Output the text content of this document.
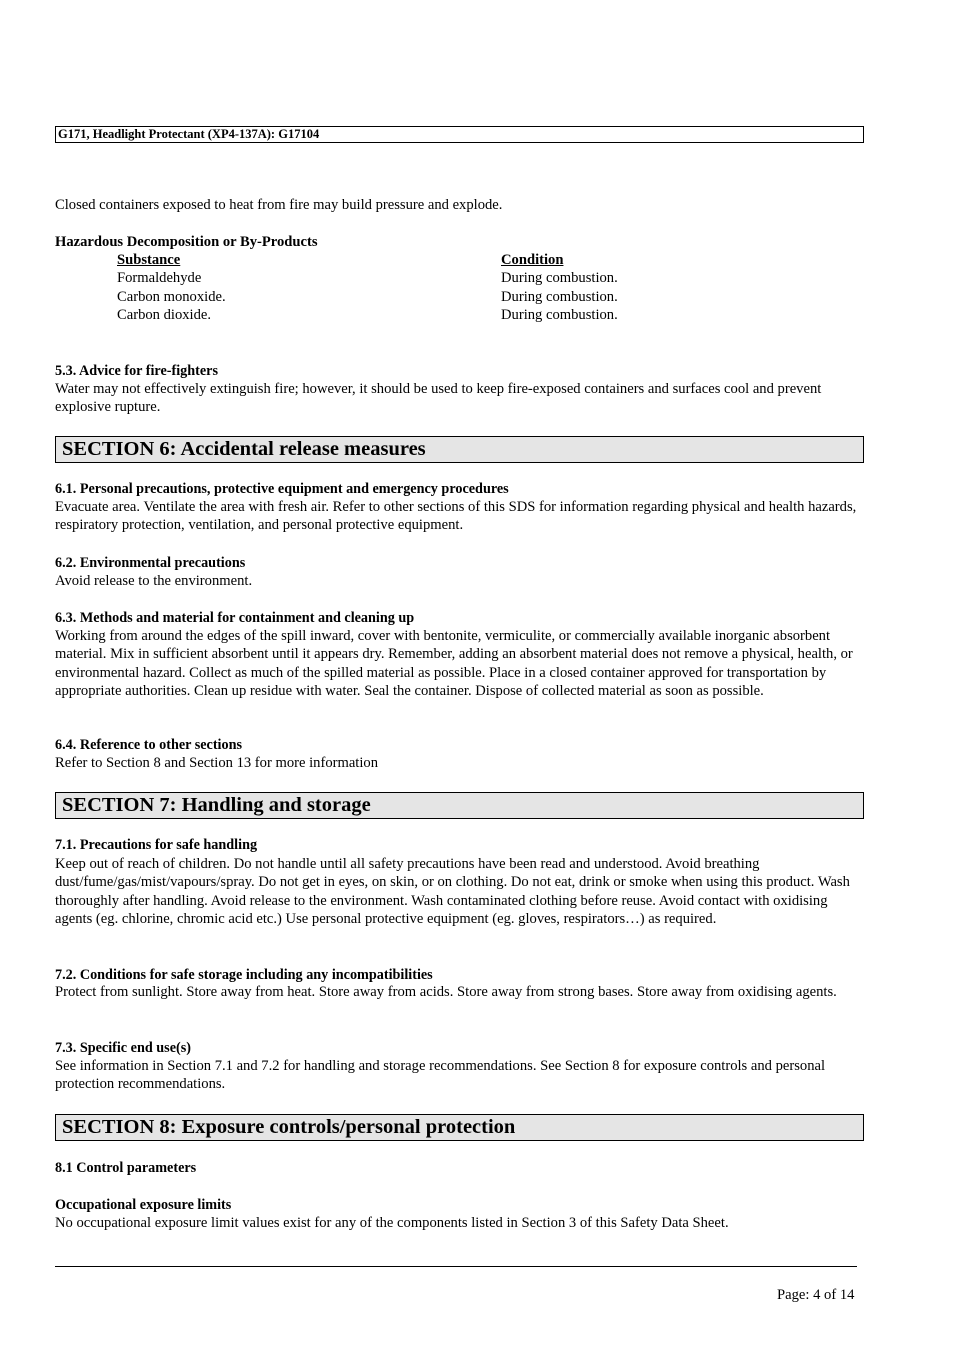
G171, Headlight Protectant (XP4-137A): G17104

Closed containers exposed to heat from fire may build pressure and explode.

Hazardous Decomposition or By-Products

Substance	Condition
Formaldehyde	During combustion.
Carbon monoxide.	During combustion.
Carbon dioxide.	During combustion.

5.3. Advice for fire-fighters

Water may not effectively extinguish fire; however, it should be used to keep fire-exposed containers and surfaces cool and prevent explosive rupture.

SECTION 6: Accidental release measures

6.1. Personal precautions, protective equipment and emergency procedures

Evacuate area. Ventilate the area with fresh air. Refer to other sections of this SDS for information regarding physical and health hazards, respiratory protection, ventilation, and personal protective equipment.

6.2. Environmental precautions

Avoid release to the environment.

6.3. Methods and material for containment and cleaning up

Working from around the edges of the spill inward, cover with bentonite, vermiculite, or commercially available inorganic absorbent material. Mix in sufficient absorbent until it appears dry. Remember, adding an absorbent material does not remove a physical, health, or environmental hazard. Collect as much of the spilled material as possible. Place in a closed container approved for transportation by appropriate authorities. Clean up residue with water. Seal the container. Dispose of collected material as soon as possible.

6.4. Reference to other sections

Refer to Section 8 and Section 13 for more information

SECTION 7: Handling and storage

7.1. Precautions for safe handling

Keep out of reach of children. Do not handle until all safety precautions have been read and understood. Avoid breathing dust/fume/gas/mist/vapours/spray. Do not get in eyes, on skin, or on clothing. Do not eat, drink or smoke when using this product. Wash thoroughly after handling. Avoid release to the environment. Wash contaminated clothing before reuse. Avoid contact with oxidising agents (eg. chlorine, chromic acid etc.) Use personal protective equipment (eg. gloves, respirators…) as required.

7.2. Conditions for safe storage including any incompatibilities

Protect from sunlight. Store away from heat. Store away from acids. Store away from strong bases. Store away from oxidising agents.

7.3. Specific end use(s)

See information in Section 7.1 and 7.2 for handling and storage recommendations. See Section 8 for exposure controls and personal protection recommendations.

SECTION 8: Exposure controls/personal protection

8.1 Control parameters

Occupational exposure limits

No occupational exposure limit values exist for any of the components listed in Section 3 of this Safety Data Sheet.

Page: 4 of 14
